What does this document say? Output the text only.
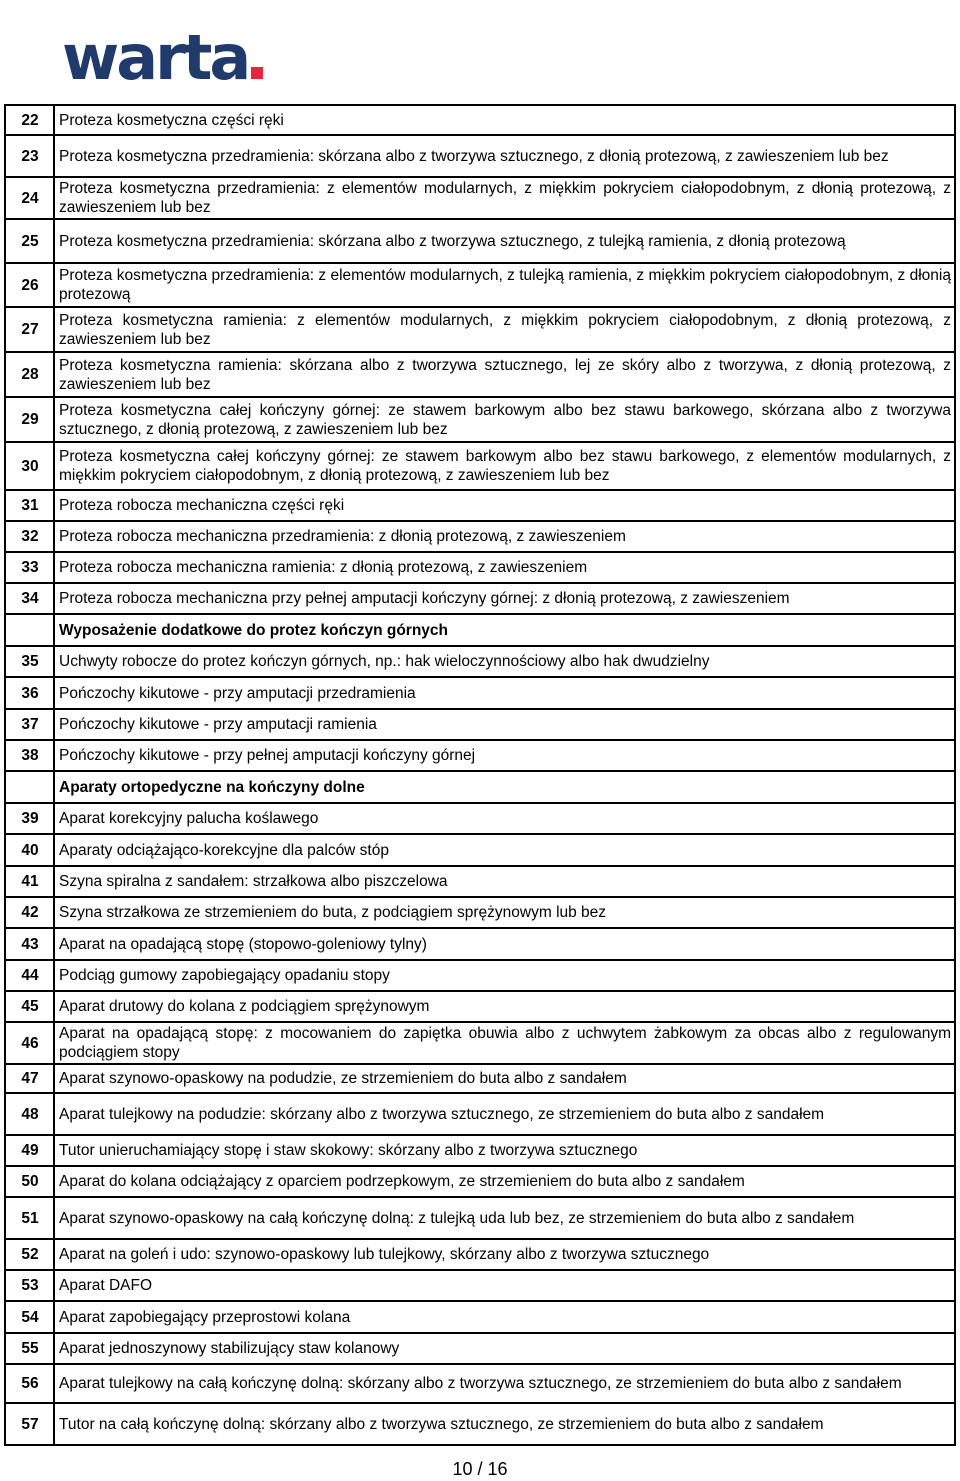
warta
22	Proteza kosmetyczna części ręki
23	Proteza kosmetyczna przedramienia: skórzana albo z tworzywa sztucznego, z dłonią protezową, z zawieszeniem lub bez
24	Proteza kosmetyczna przedramienia: z elementów modularnych, z miękkim pokryciem ciałopodobnym, z dłonią protezową, z zawieszeniem lub bez
25	Proteza kosmetyczna przedramienia: skórzana albo z tworzywa sztucznego, z tulejką ramienia, z dłonią protezową
26	Proteza kosmetyczna przedramienia: z elementów modularnych, z tulejką ramienia, z miękkim pokryciem ciałopodobnym, z dłonią protezową
27	Proteza kosmetyczna ramienia: z elementów modularnych, z miękkim pokryciem ciałopodobnym, z dłonią protezową, z zawieszeniem lub bez
28	Proteza kosmetyczna ramienia: skórzana albo z tworzywa sztucznego, lej ze skóry albo z tworzywa, z dłonią protezową, z zawieszeniem lub bez
29	Proteza kosmetyczna całej kończyny górnej: ze stawem barkowym albo bez stawu barkowego, skórzana albo z tworzywa sztucznego, z dłonią protezową, z zawieszeniem lub bez
30	Proteza kosmetyczna całej kończyny górnej: ze stawem barkowym albo bez stawu barkowego, z elementów modularnych, z miękkim pokryciem ciałopodobnym, z dłonią protezową, z zawieszeniem lub bez
31	Proteza robocza mechaniczna części ręki
32	Proteza robocza mechaniczna przedramienia: z dłonią protezową, z zawieszeniem
33	Proteza robocza mechaniczna ramienia: z dłonią protezową, z zawieszeniem
34	Proteza robocza mechaniczna przy pełnej amputacji kończyny górnej: z dłonią protezową, z zawieszeniem
	Wyposażenie dodatkowe do protez kończyn górnych
35	Uchwyty robocze do protez kończyn górnych, np.: hak wieloczynnościowy albo hak dwudzielny
36	Pończochy kikutowe - przy amputacji przedramienia
37	Pończochy kikutowe - przy amputacji ramienia
38	Pończochy kikutowe - przy pełnej amputacji kończyny górnej
	Aparaty ortopedyczne na kończyny dolne
39	Aparat korekcyjny palucha koślawego
40	Aparaty odciążająco-korekcyjne dla palców stóp
41	Szyna spiralna z sandałem: strzałkowa albo piszczelowa
42	Szyna strzałkowa ze strzemieniem do buta, z podciągiem sprężynowym lub bez
43	Aparat na opadającą stopę (stopowo-goleniowy tylny)
44	Podciąg gumowy zapobiegający opadaniu stopy
45	Aparat drutowy do kolana z podciągiem sprężynowym
46	Aparat na opadającą stopę: z mocowaniem do zapiętka obuwia albo z uchwytem żabkowym za obcas albo z regulowanym podciągiem stopy
47	Aparat szynowo-opaskowy na podudzie, ze strzemieniem do buta albo z sandałem
48	Aparat tulejkowy na podudzie: skórzany albo z tworzywa sztucznego, ze strzemieniem do buta albo z sandałem
49	Tutor unieruchamiający stopę i staw skokowy: skórzany albo z tworzywa sztucznego
50	Aparat do kolana odciążający z oparciem podrzepkowym, ze strzemieniem do buta albo z sandałem
51	Aparat szynowo-opaskowy na całą kończynę dolną: z tulejką uda lub bez, ze strzemieniem do buta albo z sandałem
52	Aparat na goleń i udo: szynowo-opaskowy lub tulejkowy, skórzany albo z tworzywa sztucznego
53	Aparat DAFO
54	Aparat zapobiegający przeprostowi kolana
55	Aparat jednoszynowy stabilizujący staw kolanowy
56	Aparat tulejkowy na całą kończynę dolną: skórzany albo z tworzywa sztucznego, ze strzemieniem do buta albo z sandałem
57	Tutor na całą kończynę dolną: skórzany albo z tworzywa sztucznego, ze strzemieniem do buta albo z sandałem
10 / 16
